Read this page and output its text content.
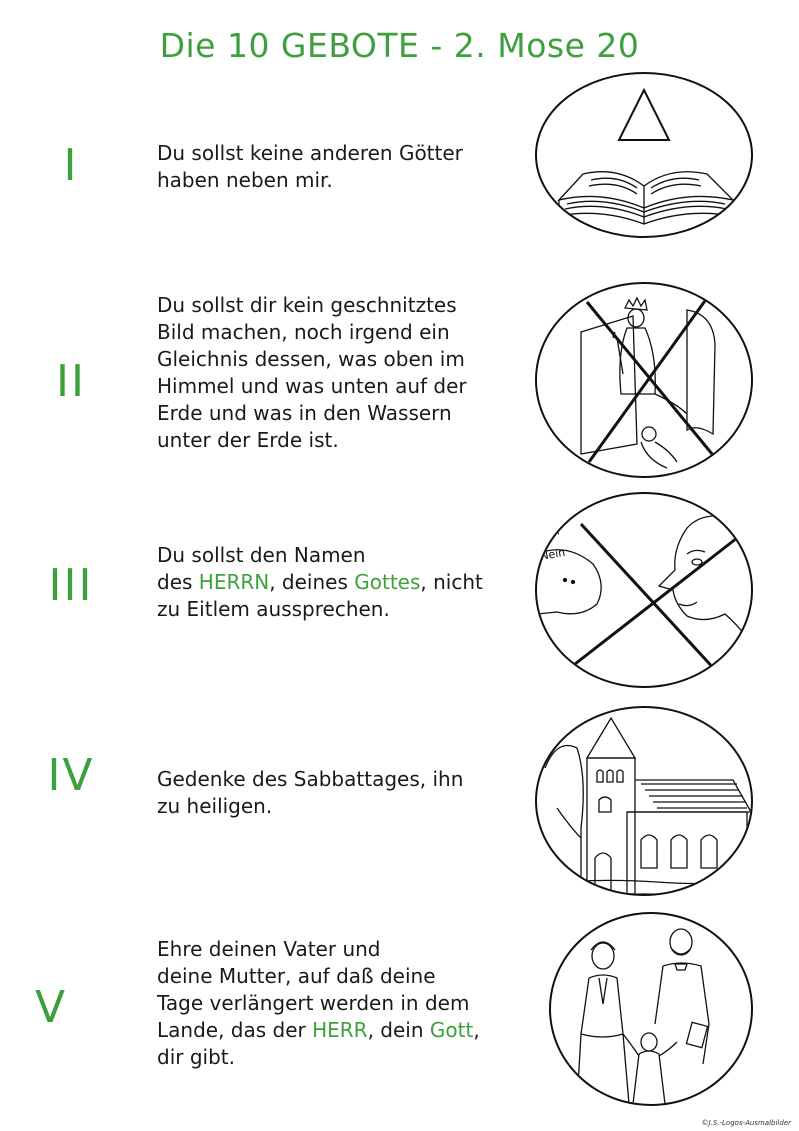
Die 10 GEBOTE - 2. Mose 20
I	Du sollst keine anderen Götter
haben neben mir.
II
Du sollst dir kein geschnitztes
Bild machen, noch irgend ein
Gleichnis dessen, was oben im
Himmel und was unten auf der
Erde und was in den Wassern
unter der Erde ist.
III
Du sollst den Namen
des HERRN, deines Gottes, nicht
zu Eitlem aussprechen.
Oh
Nein
IV	Gedenke des Sabbattages, ihn
zu heiligen.
V
Ehre deinen Vater und
deine Mutter, auf daß deine
Tage verlängert werden in dem
Lande, das der HERR, dein Gott,
dir gibt.
©J.S.-Logos-Ausmalbilder
